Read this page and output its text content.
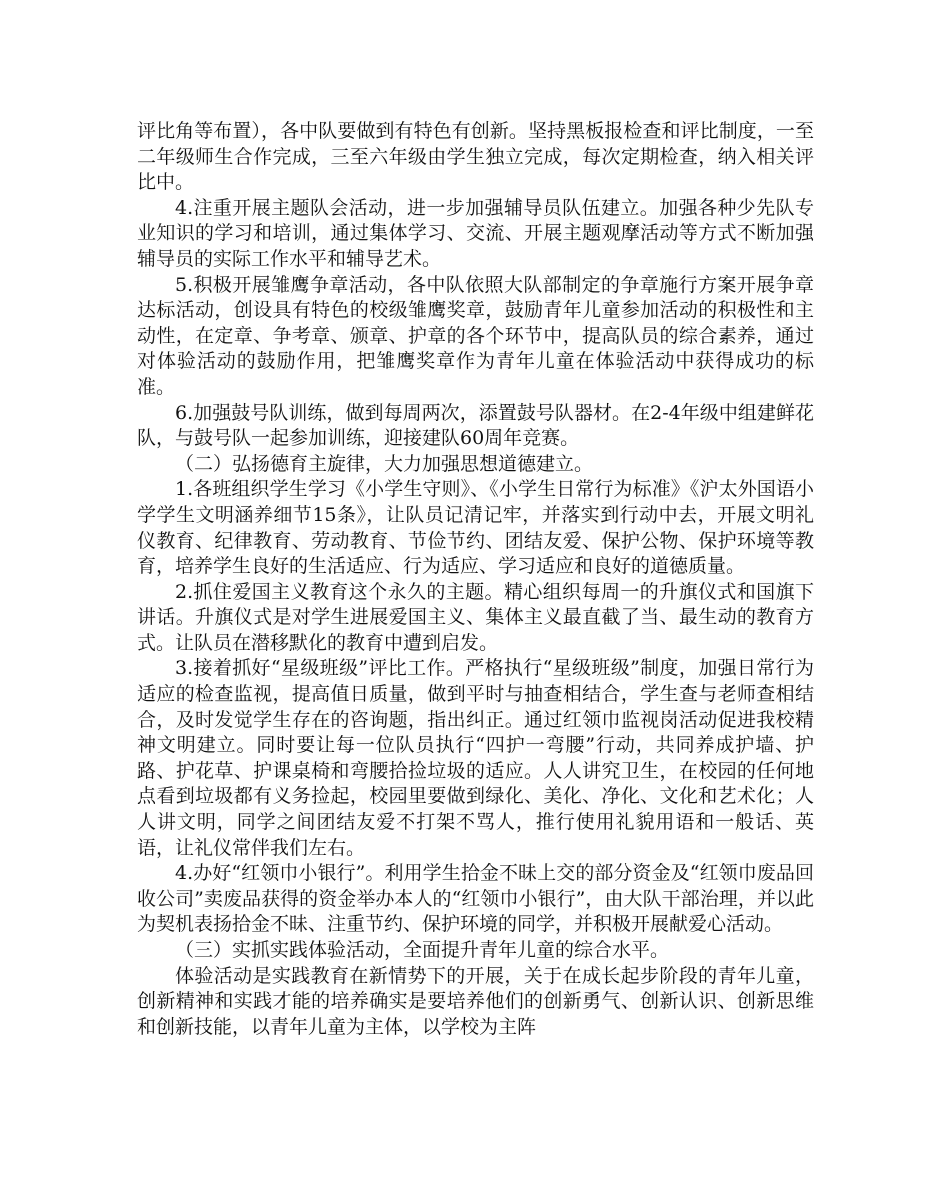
评比角等布置），各中队要做到有特色有创新。坚持黑板报检查和评比制度，一至二年级师生合作完成，三至六年级由学生独立完成，每次定期检查，纳入相关评比中。

4.注重开展主题队会活动，进一步加强辅导员队伍建立。加强各种少先队专业知识的学习和培训，通过集体学习、交流、开展主题观摩活动等方式不断加强辅导员的实际工作水平和辅导艺术。

5.积极开展雏鹰争章活动，各中队依照大队部制定的争章施行方案开展争章达标活动，创设具有特色的校级雏鹰奖章，鼓励青年儿童参加活动的积极性和主动性，在定章、争考章、颁章、护章的各个环节中，提高队员的综合素养，通过对体验活动的鼓励作用，把雏鹰奖章作为青年儿童在体验活动中获得成功的标准。

6.加强鼓号队训练，做到每周两次，添置鼓号队器材。在2-4年级中组建鲜花队，与鼓号队一起参加训练，迎接建队60周年竞赛。

（二）弘扬德育主旋律，大力加强思想道德建立。

1.各班组织学生学习《小学生守则》、《小学生日常行为标准》《沪太外国语小学学生文明涵养细节15条》，让队员记清记牢，并落实到行动中去，开展文明礼仪教育、纪律教育、劳动教育、节俭节约、团结友爱、保护公物、保护环境等教育，培养学生良好的生活适应、行为适应、学习适应和良好的道德质量。

2.抓住爱国主义教育这个永久的主题。精心组织每周一的升旗仪式和国旗下讲话。升旗仪式是对学生进展爱国主义、集体主义最直截了当、最生动的教育方式。让队员在潜移默化的教育中遭到启发。

3.接着抓好“星级班级”评比工作。严格执行“星级班级”制度，加强日常行为适应的检查监视，提高值日质量，做到平时与抽查相结合，学生查与老师查相结合，及时发觉学生存在的咨询题，指出纠正。通过红领巾监视岗活动促进我校精神文明建立。同时要让每一位队员执行“四护一弯腰”行动，共同养成护墙、护路、护花草、护课桌椅和弯腰拾捡垃圾的适应。人人讲究卫生，在校园的任何地点看到垃圾都有义务捡起，校园里要做到绿化、美化、净化、文化和艺术化；人人讲文明，同学之间团结友爱不打架不骂人，推行使用礼貌用语和一般话、英语，让礼仪常伴我们左右。

4.办好“红领巾小银行”。利用学生拾金不昧上交的部分资金及“红领巾废品回收公司”卖废品获得的资金举办本人的“红领巾小银行”，由大队干部治理，并以此为契机表扬拾金不昧、注重节约、保护环境的同学，并积极开展献爱心活动。

（三）实抓实践体验活动，全面提升青年儿童的综合水平。

体验活动是实践教育在新情势下的开展，关于在成长起步阶段的青年儿童，创新精神和实践才能的培养确实是要培养他们的创新勇气、创新认识、创新思维和创新技能，以青年儿童为主体，以学校为主阵
